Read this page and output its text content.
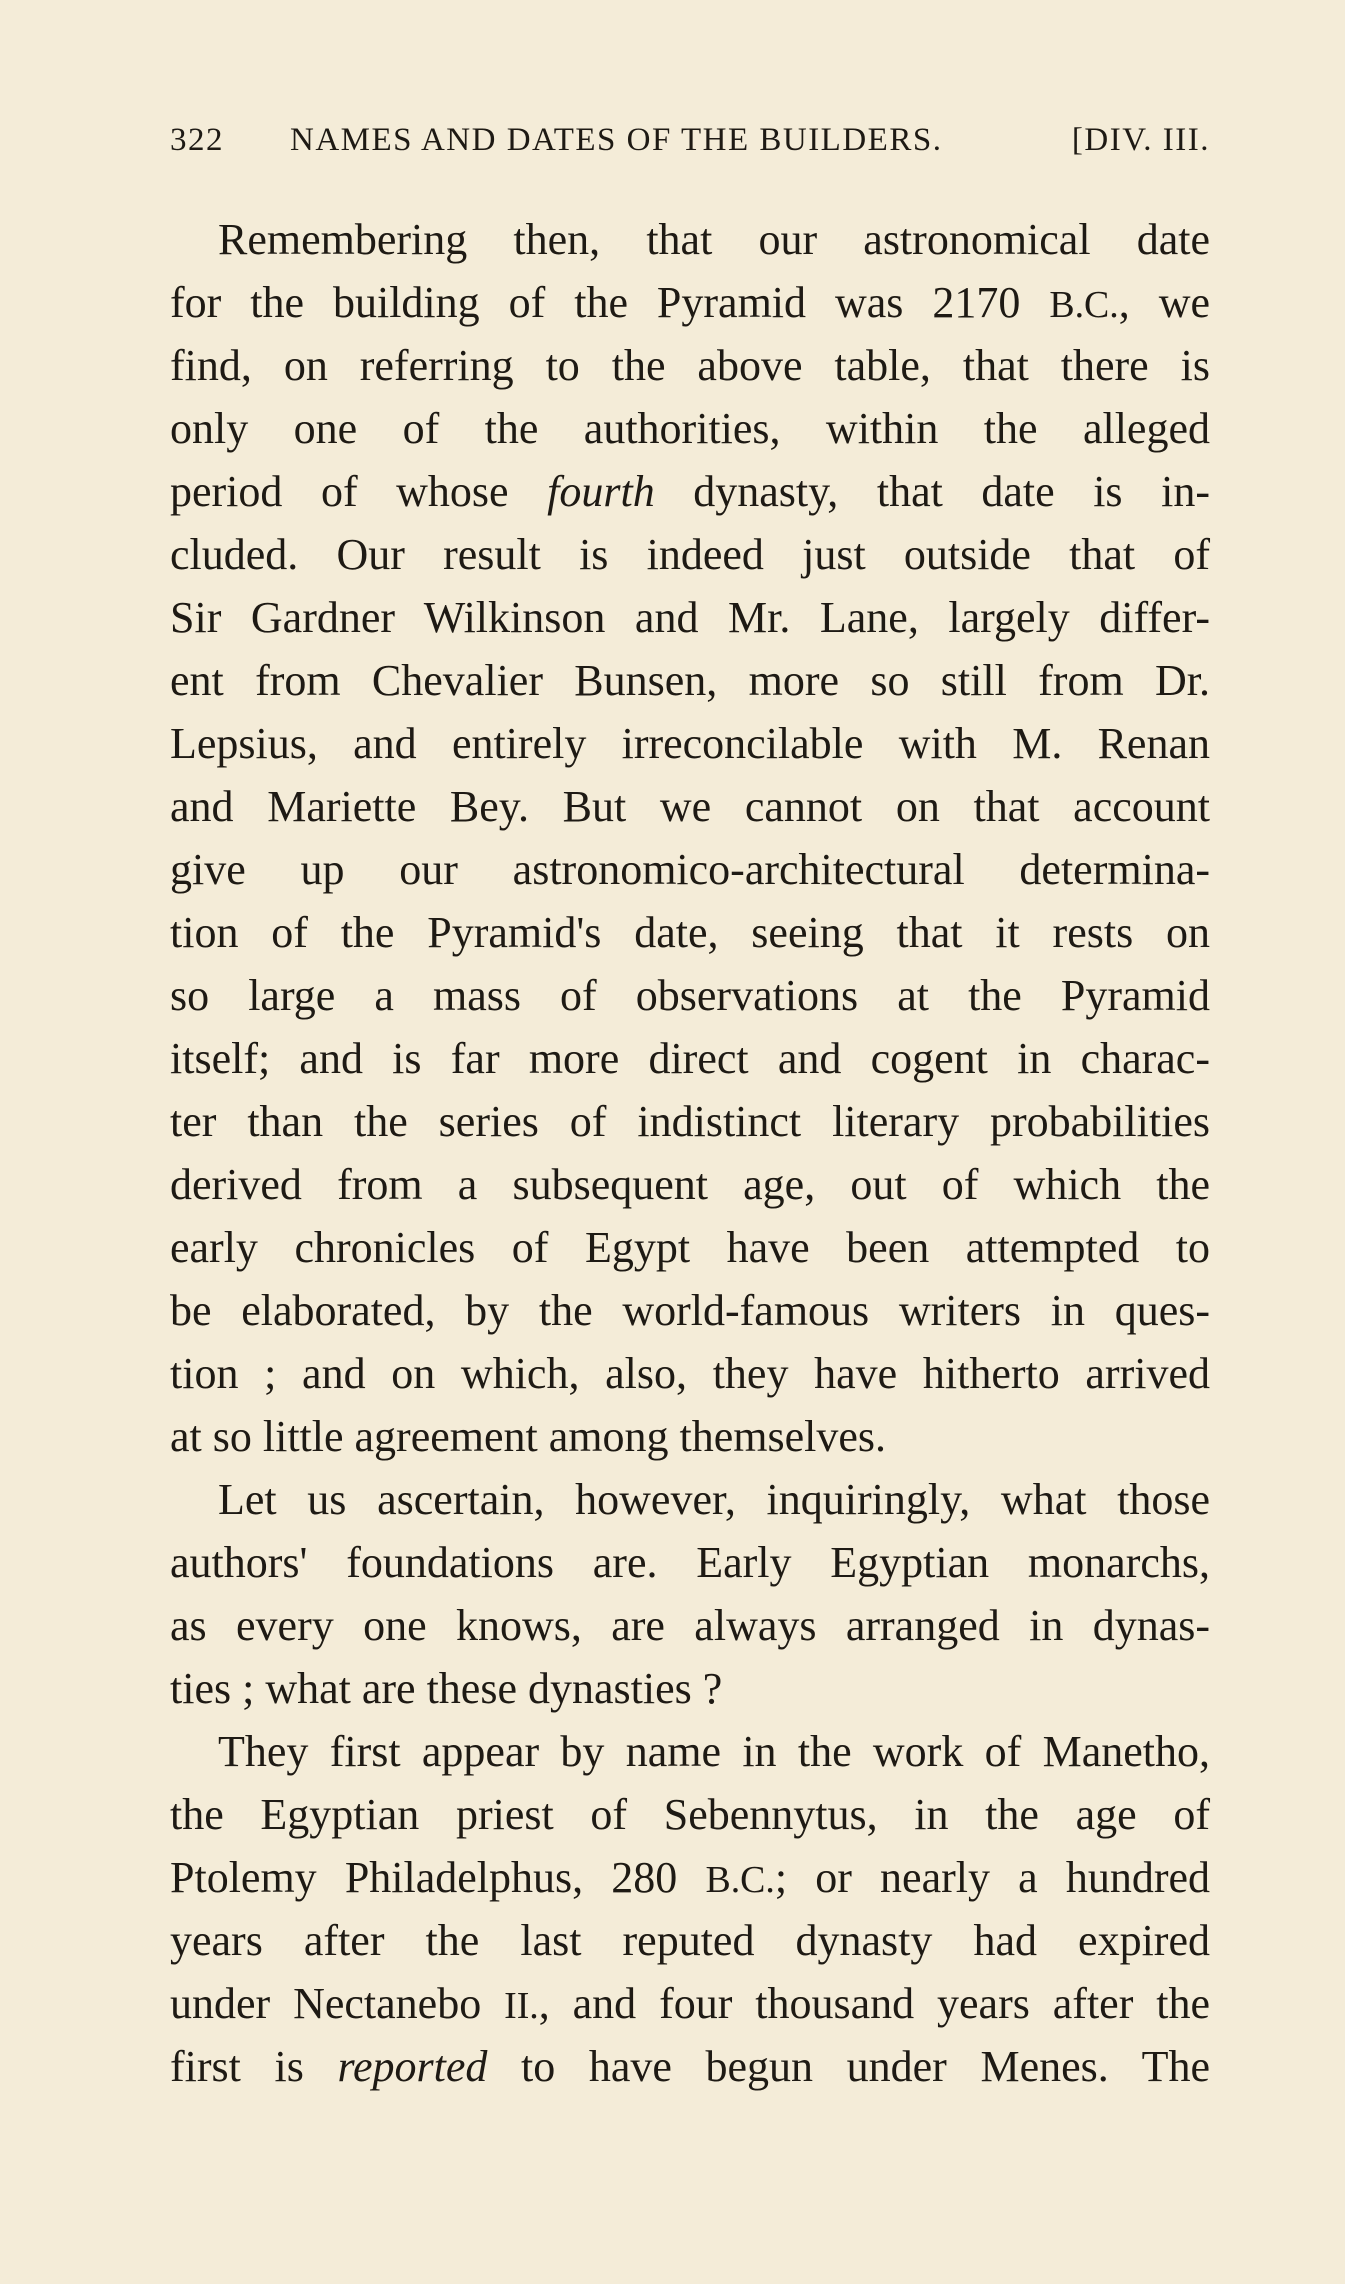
322 NAMES AND DATES OF THE BUILDERS.	[DIV. III.
Remembering then, that our astronomical date
for the building of the Pyramid was 2170 B.C., we
find, on referring to the above table, that there is
only one of the authorities, within the alleged
period of whose fourth dynasty, that date is in-
cluded. Our result is indeed just outside that of
Sir Gardner Wilkinson and Mr. Lane, largely differ-
ent from Chevalier Bunsen, more so still from Dr.
Lepsius, and entirely irreconcilable with M. Renan
and Mariette Bey. But we cannot on that account
give up our astronomico-architectural determina-
tion of the Pyramid's date, seeing that it rests on
so large a mass of observations at the Pyramid
itself; and is far more direct and cogent in charac-
ter than the series of indistinct literary probabilities
derived from a subsequent age, out of which the
early chronicles of Egypt have been attempted to
be elaborated, by the world-famous writers in ques-
tion ; and on which, also, they have hitherto arrived
at so little agreement among themselves.
Let us ascertain, however, inquiringly, what those
authors' foundations are. Early Egyptian monarchs,
as every one knows, are always arranged in dynas-
ties ; what are these dynasties ?
They first appear by name in the work of Manetho,
the Egyptian priest of Sebennytus, in the age of
Ptolemy Philadelphus, 280 B.C.; or nearly a hundred
years after the last reputed dynasty had expired
under Nectanebo II., and four thousand years after the
first is reported to have begun under Menes. The
